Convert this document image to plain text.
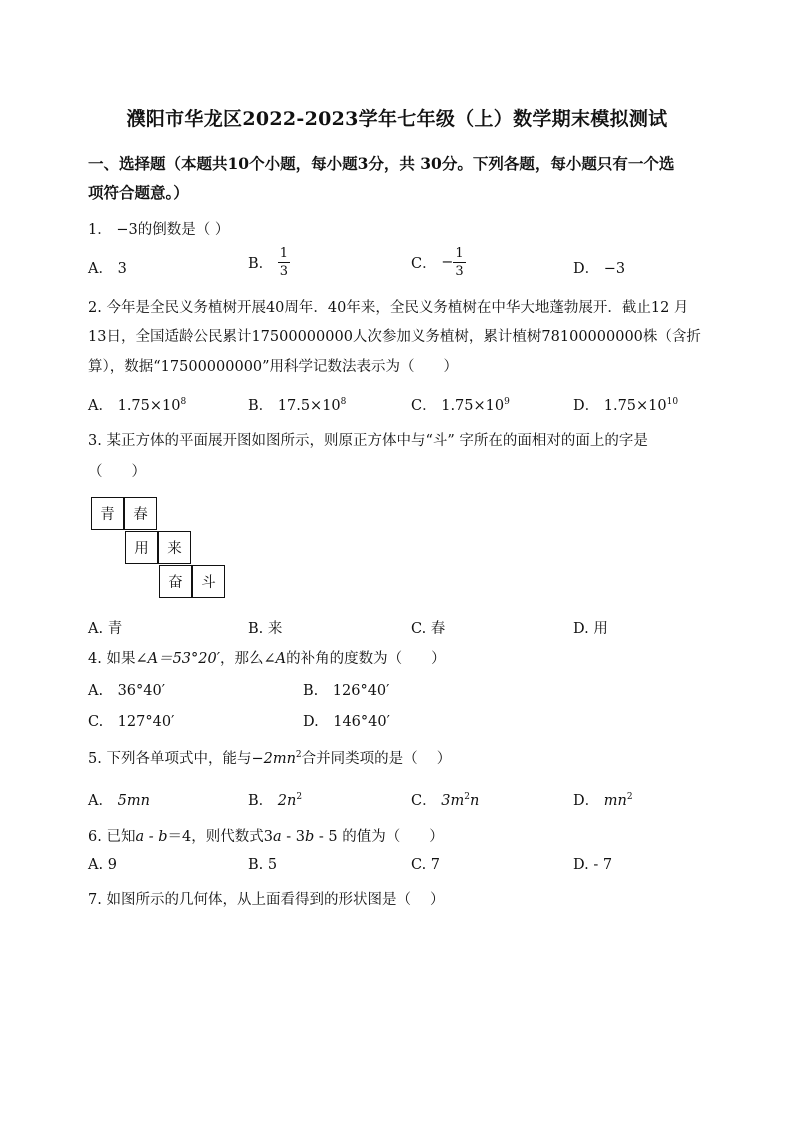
濮阳市华龙区2022-2023学年七年级（上）数学期末模拟测试
一、选择题（本题共10个小题，每小题3分，共 30分。下列各题，每小题只有一个选
项符合题意。）
1． −3的倒数是（ ）
A． 3	B． $\frac{1}{3}$	C． − $\frac{1}{3}$	D． −3
2. 今年是全民义务植树开展40周年．40年来，全民义务植树在中华大地蓬勃展开．截止12 月
13日，全国适龄公民累计17500000000人次参加义务植树，累计植树78100000000株（含折
算），数据“17500000000”用科学记数法表示为（　　）
A． $1.75\times 10^8$	B． $17.5\times 10^8$	C． $1.75\times 10^9$	D． $1.75\times 10^{10}$
3. 某正方体的平面展开图如图所示，则原正方体中与“斗” 字所在的面相对的面上的字是
（　　）
青	春
用	来
奋	斗
A. 青	B. 来	C. 春	D. 用
4. 如果∠A＝53°20′，那么∠A的补角的度数为（　　）
A.　36°40′	B.　126°40′
C.　127°40′	D.　146°40′
5. 下列各单项式中，能与$-2mn^2$合并同类项的是（　 ）
A． 5mn	B． $2n^2$	C． $3m^2n$	D． $mn^2$
6. 已知a - b＝4，则代数式3a - 3b - 5 的值为（　　）
A. 9	B. 5	C. 7	D. - 7
7. 如图所示的几何体，从上面看得到的形状图是（　 ）
